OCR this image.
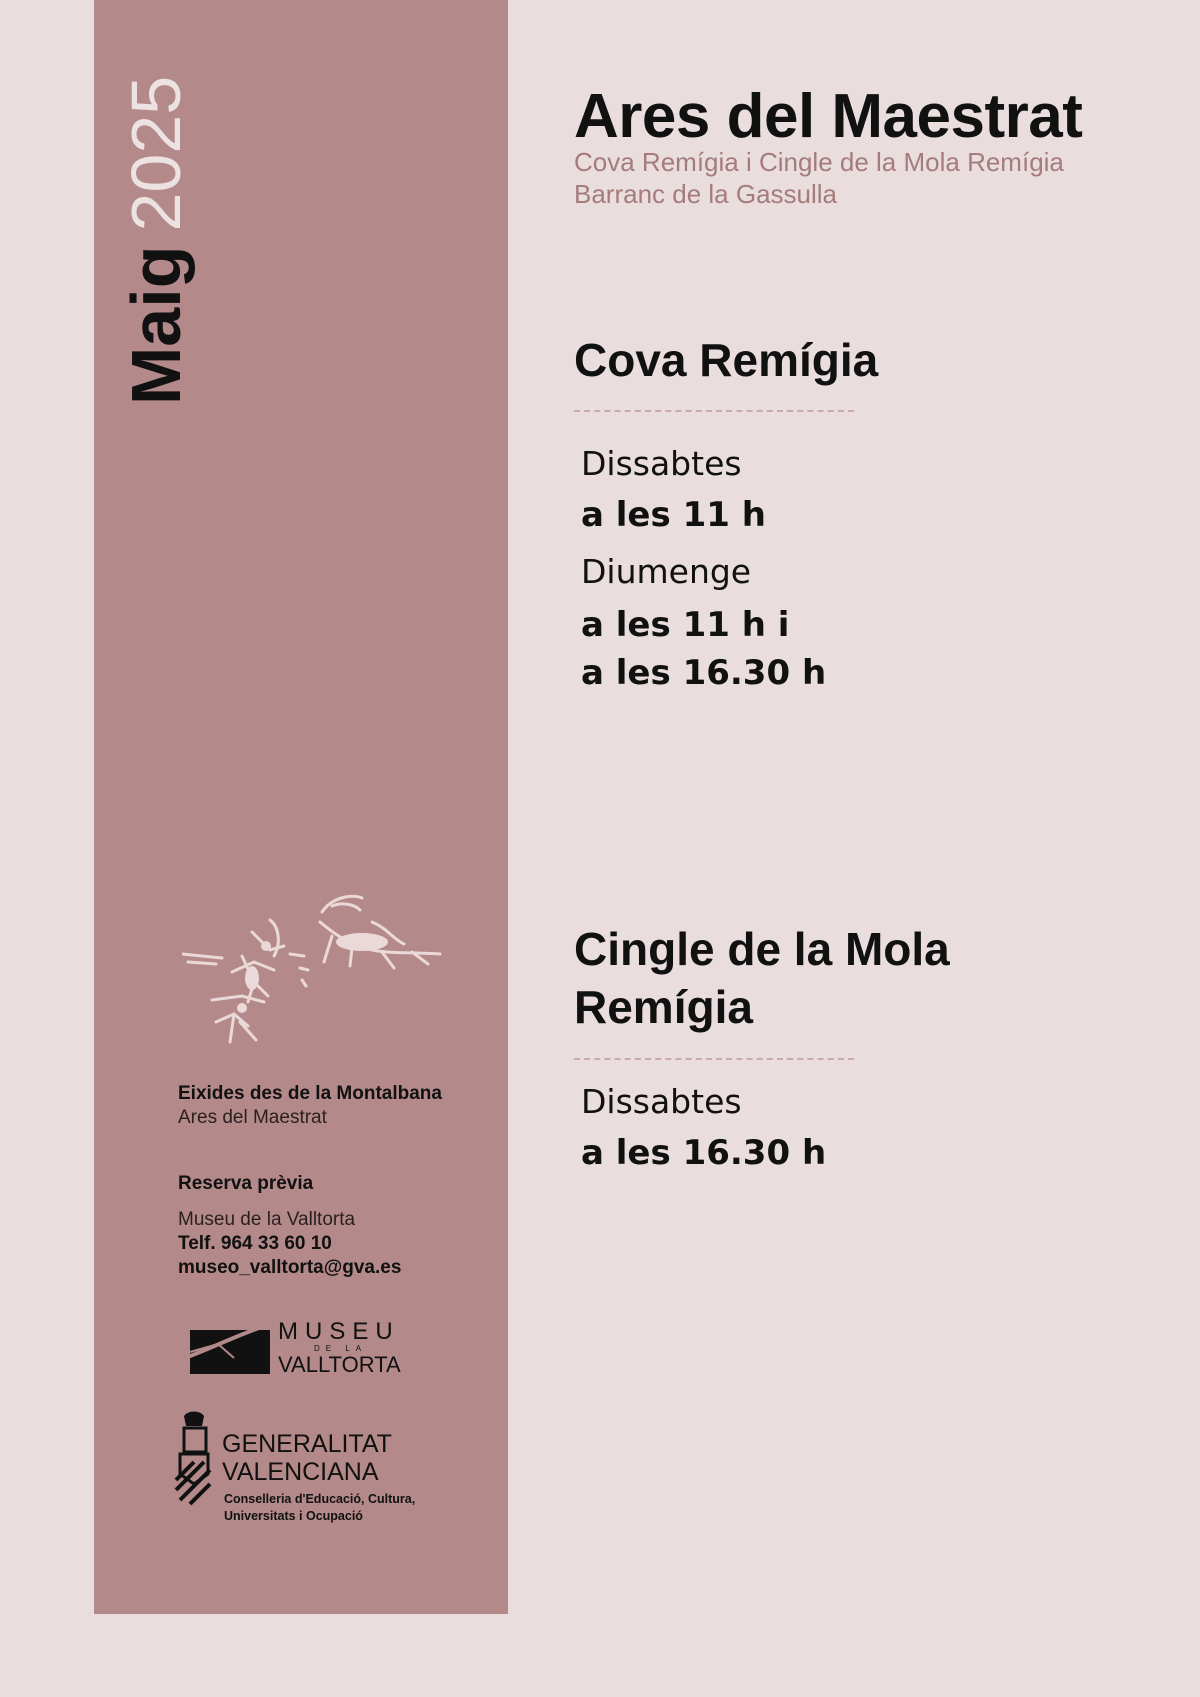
Maig2025
Eixides des de la Montalbana
Ares del Maestrat
Reserva prèvia
Museu de la Valltorta
Telf. 964 33 60 10
museo_valltorta@gva.es
MUSEU
DE LA
VALLTORTA
GENERALITAT
VALENCIANA
Conselleria d'Educació, Cultura,
Universitats i Ocupació
Ares del Maestrat
Cova Remígia i Cingle de la Mola Remígia
Barranc de la Gassulla
Cova Remígia
Dissabtes
a les 11 h
Diumenge
a les 11 h i
a les 16.30 h
Cingle de la Mola
Remígia
Dissabtes
a les 16.30 h
